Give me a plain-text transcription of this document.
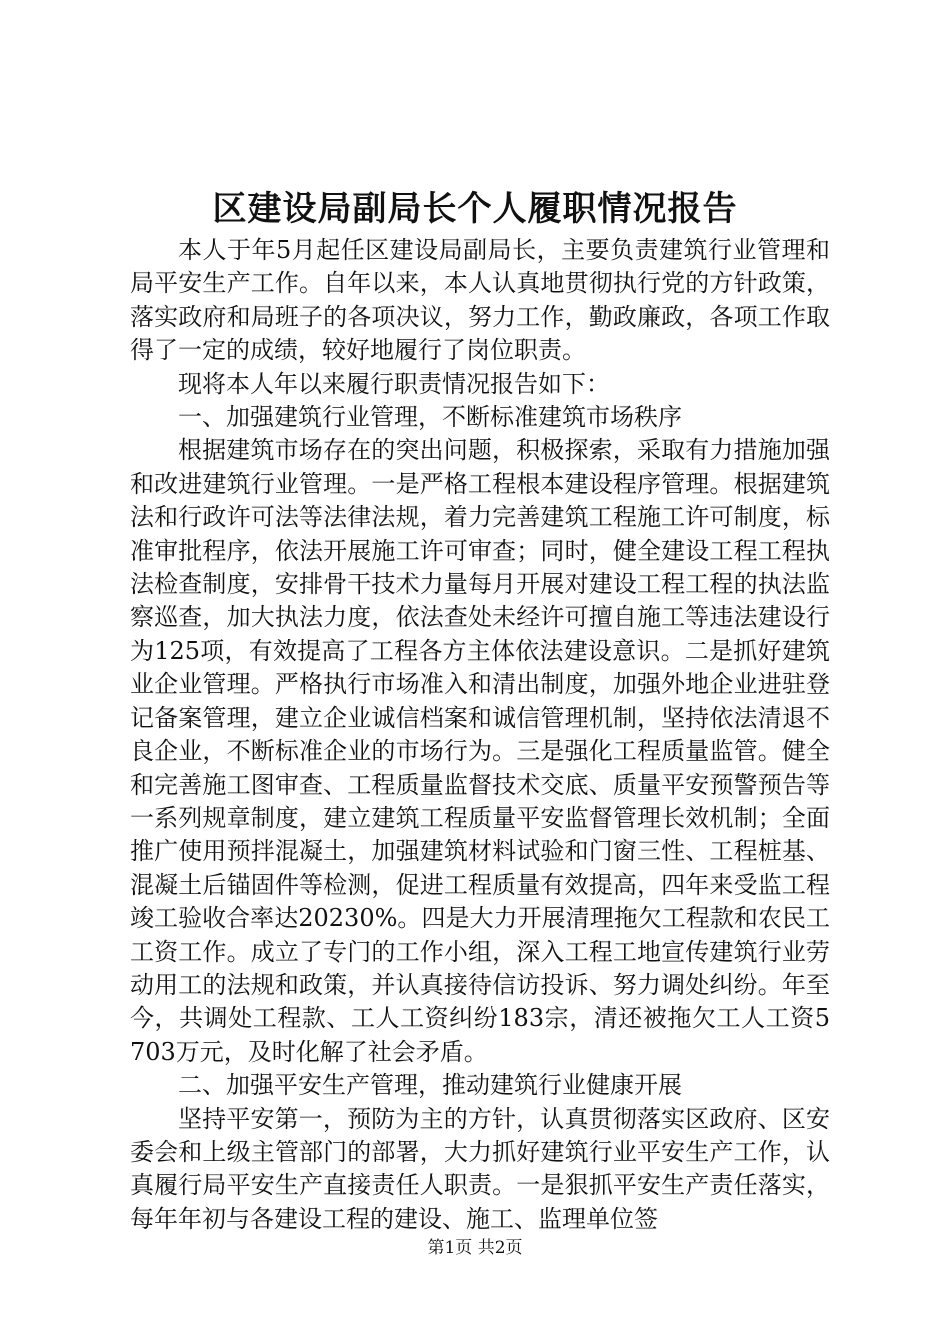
区建设局副局长个人履职情况报告

本人于年5月起任区建设局副局长，主要负责建筑行业管理和局平安生产工作。自年以来，本人认真地贯彻执行党的方针政策，落实政府和局班子的各项决议，努力工作，勤政廉政，各项工作取得了一定的成绩，较好地履行了岗位职责。

现将本人年以来履行职责情况报告如下：

一、加强建筑行业管理，不断标准建筑市场秩序

根据建筑市场存在的突出问题，积极探索，采取有力措施加强和改进建筑行业管理。一是严格工程根本建设程序管理。根据建筑法和行政许可法等法律法规，着力完善建筑工程施工许可制度，标准审批程序，依法开展施工许可审查；同时，健全建设工程工程执法检查制度，安排骨干技术力量每月开展对建设工程工程的执法监察巡查，加大执法力度，依法查处未经许可擅自施工等违法建设行为125项，有效提高了工程各方主体依法建设意识。二是抓好建筑业企业管理。严格执行市场准入和清出制度，加强外地企业进驻登记备案管理，建立企业诚信档案和诚信管理机制，坚持依法清退不良企业，不断标准企业的市场行为。三是强化工程质量监管。健全和完善施工图审查、工程质量监督技术交底、质量平安预警预告等一系列规章制度，建立建筑工程质量平安监督管理长效机制；全面推广使用预拌混凝土，加强建筑材料试验和门窗三性、工程桩基、混凝土后锚固件等检测，促进工程质量有效提高，四年来受监工程竣工验收合率达20230%。四是大力开展清理拖欠工程款和农民工工资工作。成立了专门的工作小组，深入工程工地宣传建筑行业劳动用工的法规和政策，并认真接待信访投诉、努力调处纠纷。年至今，共调处工程款、工人工资纠纷183宗，清还被拖欠工人工资5703万元，及时化解了社会矛盾。

二、加强平安生产管理，推动建筑行业健康开展

坚持平安第一，预防为主的方针，认真贯彻落实区政府、区安委会和上级主管部门的部署，大力抓好建筑行业平安生产工作，认真履行局平安生产直接责任人职责。一是狠抓平安生产责任落实，每年年初与各建设工程的建设、施工、监理单位签

第1页 共2页
